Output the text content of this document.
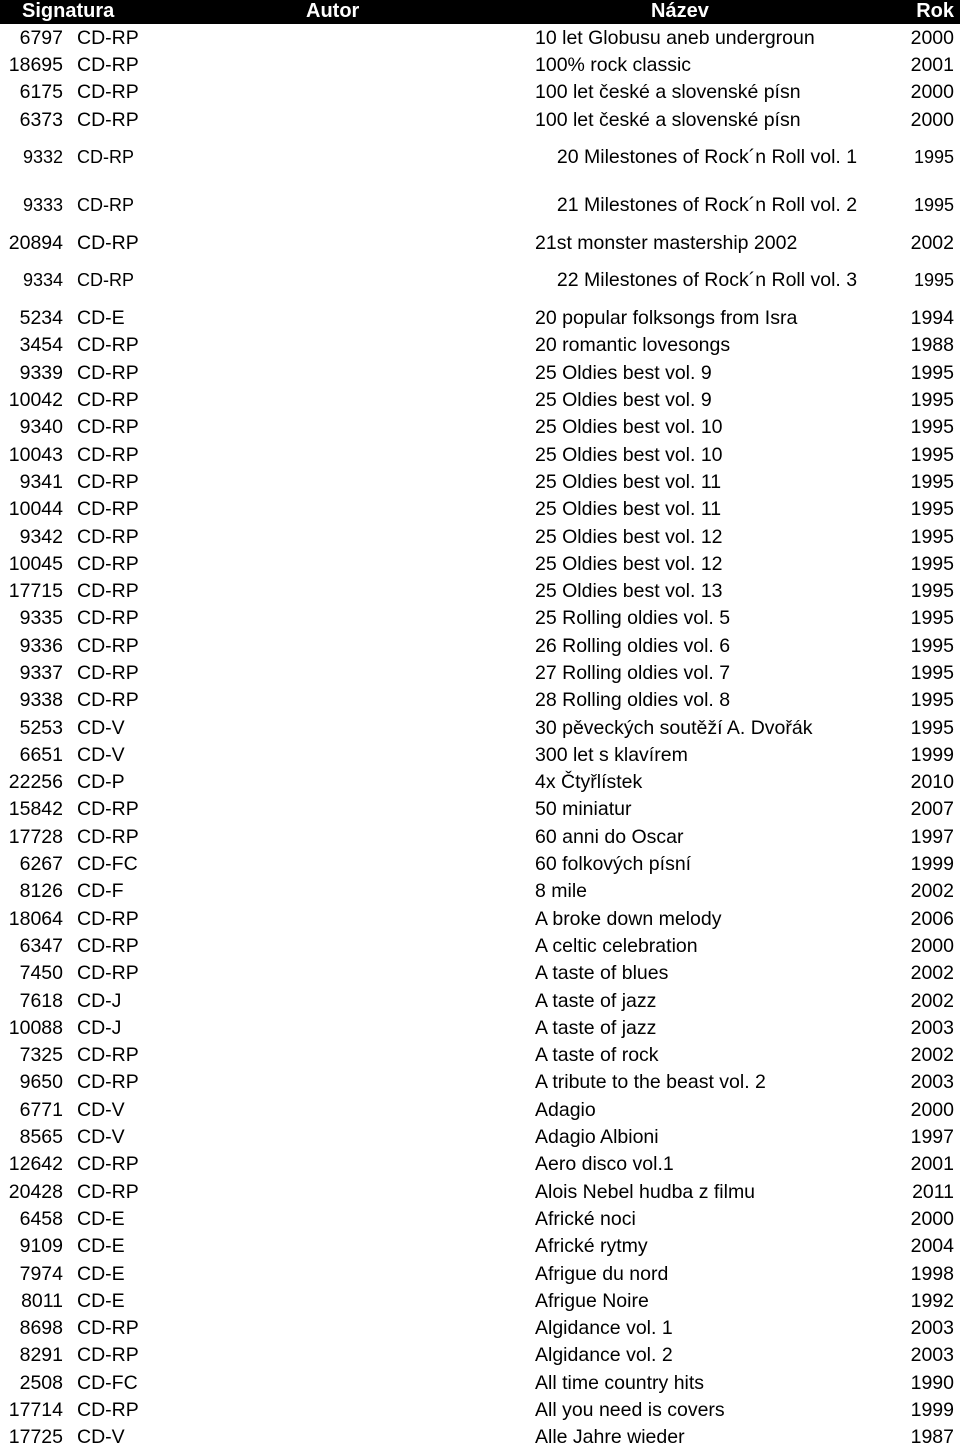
Signatura	Autor	Název	Rok
6797	CD-RP		10 let Globusu aneb undergroun	2000
18695	CD-RP		100% rock classic	2001
6175	CD-RP		100 let české a slovenské písn	2000
6373	CD-RP		100 let české a slovenské písn	2000
9332	CD-RP		20 Milestones of Rock´n Roll vol. 1	1995
9333	CD-RP		21 Milestones of Rock´n Roll vol. 2	1995
20894	CD-RP		21st monster mastership 2002	2002
9334	CD-RP		22 Milestones of Rock´n Roll vol. 3	1995
5234	CD-E		20 popular folksongs from Isra	1994
3454	CD-RP		20 romantic lovesongs	1988
9339	CD-RP		25 Oldies best vol. 9	1995
10042	CD-RP		25 Oldies best vol. 9	1995
9340	CD-RP		25 Oldies best vol. 10	1995
10043	CD-RP		25 Oldies best vol. 10	1995
9341	CD-RP		25 Oldies best vol. 11	1995
10044	CD-RP		25 Oldies best vol. 11	1995
9342	CD-RP		25 Oldies best vol. 12	1995
10045	CD-RP		25 Oldies best vol. 12	1995
17715	CD-RP		25 Oldies best vol. 13	1995
9335	CD-RP		25 Rolling oldies vol. 5	1995
9336	CD-RP		26 Rolling oldies vol. 6	1995
9337	CD-RP		27 Rolling oldies vol. 7	1995
9338	CD-RP		28 Rolling oldies vol. 8	1995
5253	CD-V		30 pěveckých soutěží A. Dvořák	1995
6651	CD-V		300 let s klavírem	1999
22256	CD-P		4x Čtyřlístek	2010
15842	CD-RP		50 miniatur	2007
17728	CD-RP		60 anni do Oscar	1997
6267	CD-FC		60 folkových písní	1999
8126	CD-F		8 mile	2002
18064	CD-RP		A broke down melody	2006
6347	CD-RP		A celtic celebration	2000
7450	CD-RP		A taste of blues	2002
7618	CD-J		A taste of jazz	2002
10088	CD-J		A taste of jazz	2003
7325	CD-RP		A taste of rock	2002
9650	CD-RP		A tribute to the beast vol. 2	2003
6771	CD-V		Adagio	2000
8565	CD-V		Adagio Albioni	1997
12642	CD-RP		Aero disco vol.1	2001
20428	CD-RP		Alois Nebel hudba z filmu	2011
6458	CD-E		Africké noci	2000
9109	CD-E		Africké rytmy	2004
7974	CD-E		Afrigue du nord	1998
8011	CD-E		Afrigue Noire	1992
8698	CD-RP		Algidance vol. 1	2003
8291	CD-RP		Algidance vol. 2	2003
2508	CD-FC		All time country hits	1990
17714	CD-RP		All you need is covers	1999
17725	CD-V		Alle Jahre wieder	1987
